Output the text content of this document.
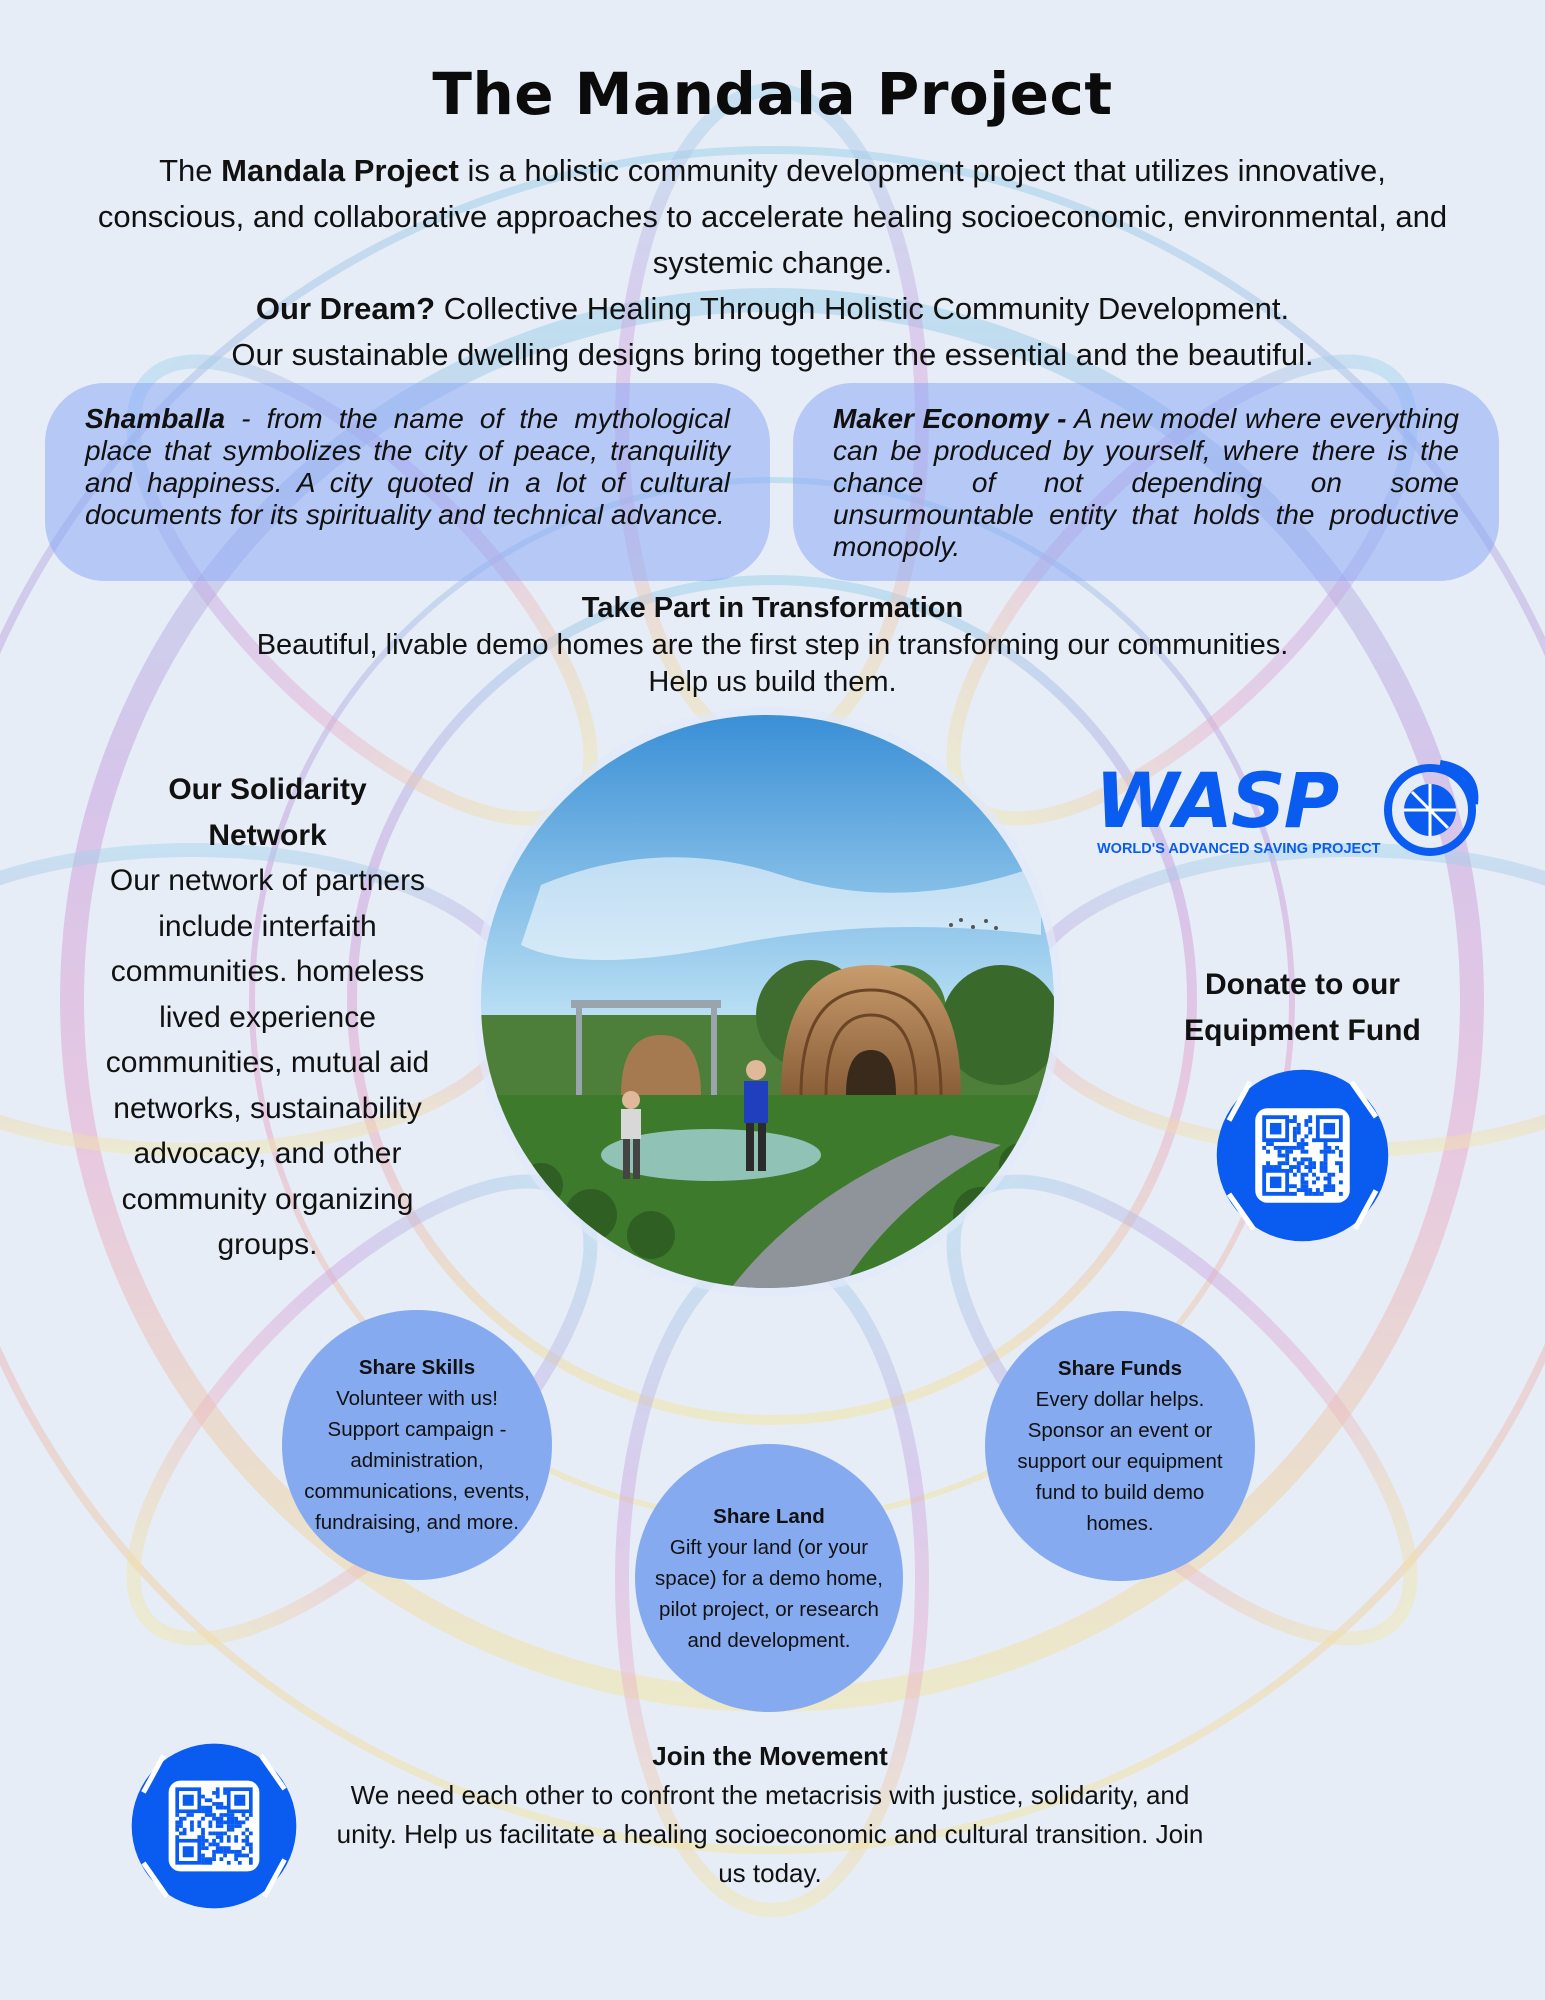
The Mandala Project
The Mandala Project is a holistic community development project that utilizes innovative, conscious, and collaborative approaches to accelerate healing socioeconomic, environmental, and systemic change.
Our Dream? Collective Healing Through Holistic Community Development.
Our sustainable dwelling designs bring together the essential and the beautiful.
Shamballa - from the name of the mythological place that symbolizes the city of peace, tranquility and happiness. A city quoted in a lot of cultural documents for its spirituality and technical advance.
Maker Economy - A new model where everything can be produced by yourself, where there is the chance of not depending on some unsurmountable entity that holds the productive monopoly.
Take Part in Transformation
Beautiful, livable demo homes are the first step in transforming our communities.
Help us build them.
Our Solidarity Network
Our network of partners include interfaith communities. homeless lived experience communities, mutual aid networks, sustainability advocacy, and other community organizing groups.
WASP
WORLD'S ADVANCED SAVING PROJECT
Donate to our
Equipment Fund
Share Skills
Volunteer with us! Support campaign - administration, communications, events, fundraising, and more.	Share Land
Gift your land (or your space) for a demo home, pilot project, or research and development.
Share Funds
Every dollar helps. Sponsor an event or support our equipment fund to build demo homes.
Join the Movement
We need each other to confront the metacrisis with justice, solidarity, and unity. Help us facilitate a healing socioeconomic and cultural transition. Join us today.
